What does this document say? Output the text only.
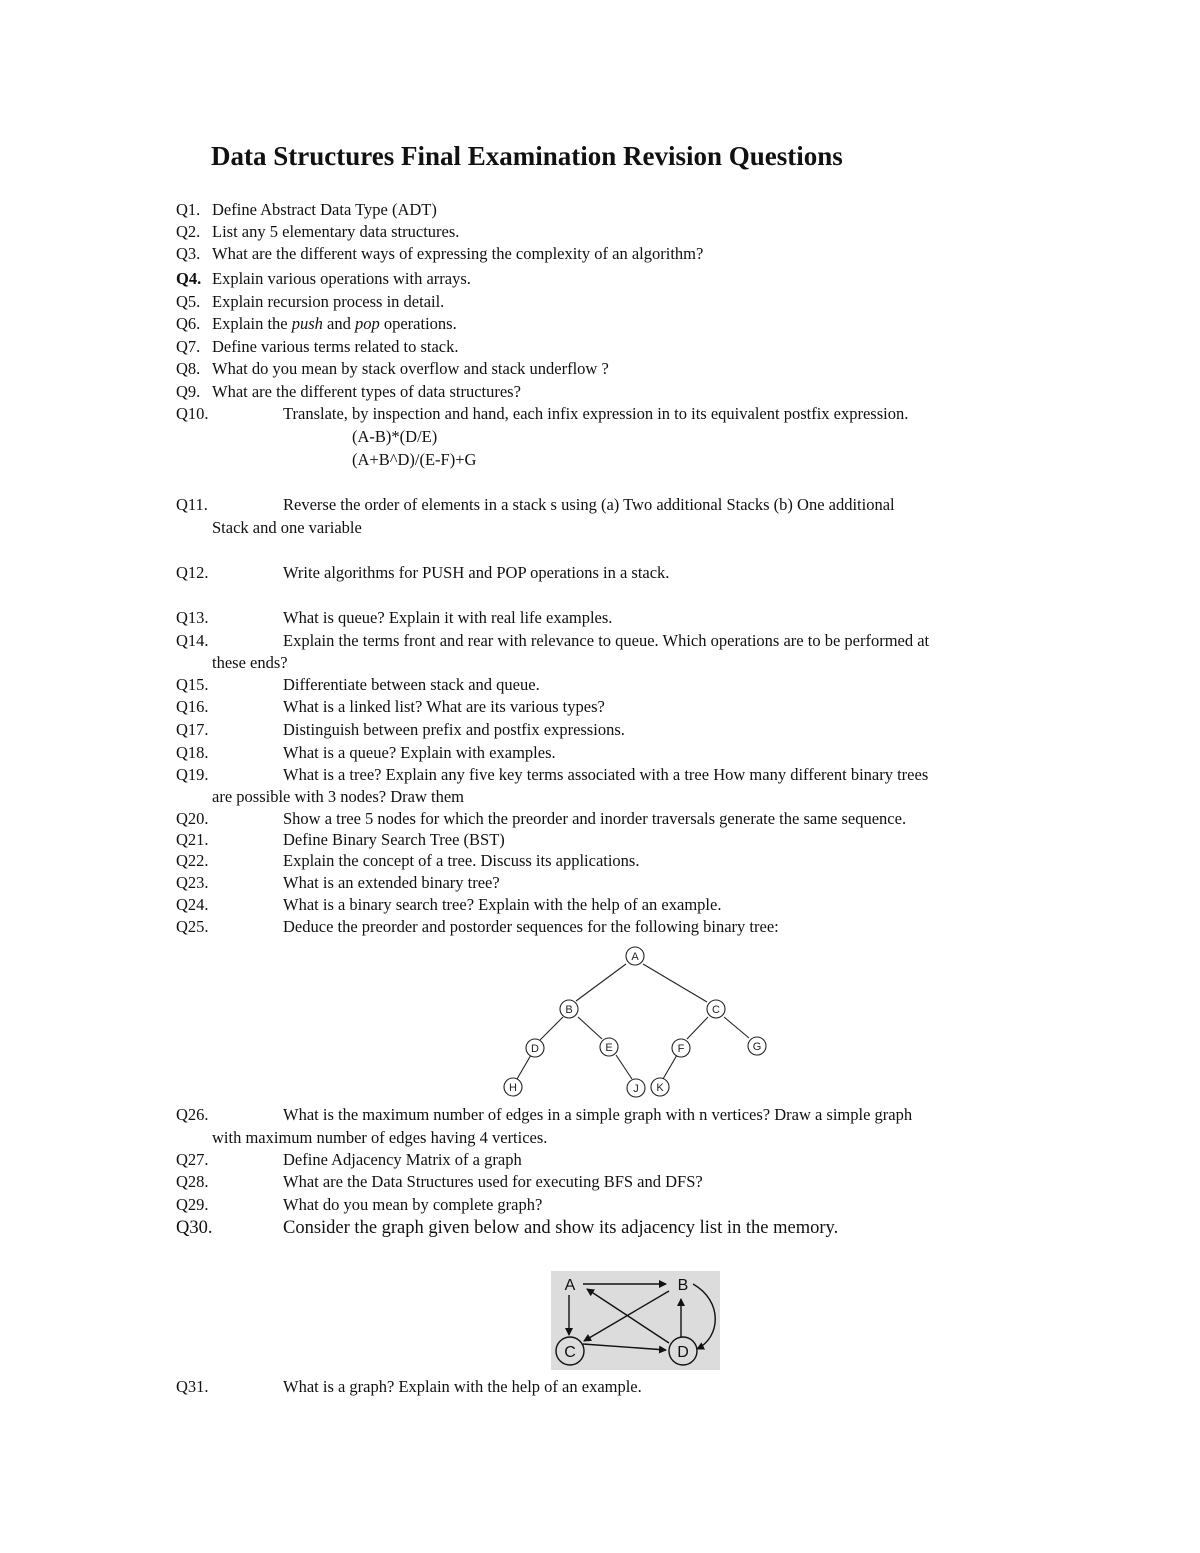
Data Structures Final Examination Revision Questions
Q1. Define Abstract Data Type (ADT)
Q2. List any 5 elementary data structures.
Q3. What are the different ways of expressing the complexity of an algorithm?
Q4. Explain various operations with arrays.
Q5. Explain recursion process in detail.
Q6. Explain the push and pop operations.
Q7. Define various terms related to stack.
Q8. What do you mean by stack overflow and stack underflow ?
Q9. What are the different types of data structures?
Q10.	Translate, by inspection and hand, each infix expression in to its equivalent postfix expression.
(A-B)*(D/E)
(A+B^D)/(E-F)+G
Q11.	Reverse the order of elements in a stack s using (a) Two additional Stacks (b) One additional
Stack and one variable
Q12.	Write algorithms for PUSH and POP operations in a stack.
Q13.	What is queue? Explain it with real life examples.
Q14.	Explain the terms front and rear with relevance to queue. Which operations are to be performed at
these ends?
Q15.	Differentiate between stack and queue.
Q16.	What is a linked list? What are its various types?
Q17.	Distinguish between prefix and postfix expressions.
Q18.	What is a queue? Explain with examples.
Q19.	What is a tree? Explain any five key terms associated with a tree How many different binary trees
are possible with 3 nodes? Draw them
Q20.	Show a tree 5 nodes for which the preorder and inorder traversals generate the same sequence.
Q21.	Define Binary Search Tree (BST)
Q22.	Explain the concept of a tree. Discuss its applications.
Q23.	What is an extended binary tree?
Q24.	What is a binary search tree? Explain with the help of an example.
Q25.	Deduce the preorder and postorder sequences for the following binary tree:
A
B	C
D	E	F	G
H	J K
Q26.	What is the maximum number of edges in a simple graph with n vertices? Draw a simple graph
with maximum number of edges having 4 vertices.
Q27.	Define Adjacency Matrix of a graph
Q28.	What are the Data Structures used for executing BFS and DFS?
Q29.	What do you mean by complete graph?
Q30.	Consider the graph given below and show its adjacency list in the memory.
A	B
C	D
Q31.	What is a graph? Explain with the help of an example.
